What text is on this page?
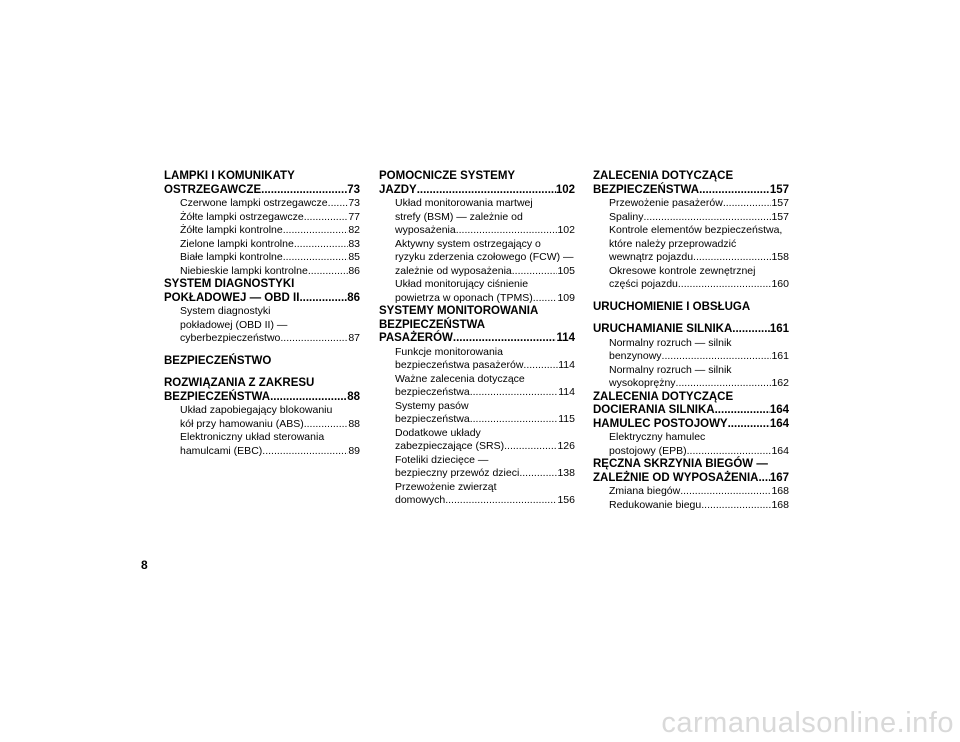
LAMPKI I KOMUNIKATY
OSTRZEGAWCZE .....	73
Czerwone lampki ostrzegawcze ..... 73
Żółte lampki ostrzegawcze .....	77
Żółte lampki kontrolne .....	82
Zielone lampki kontrolne .....	83
Białe lampki kontrolne .....	85
Niebieskie lampki kontrolne .....	86
SYSTEM DIAGNOSTYKI
POKŁADOWEJ — OBD II .....	86
System diagnostyki
pokładowej (OBD II) —
cyberbezpieczeństwo .....	87
BEZPIECZEŃSTWO
ROZWIĄZANIA Z ZAKRESU
BEZPIECZEŃSTWA .....	88
Układ zapobiegający blokowaniu
kół przy hamowaniu (ABS) .....	88
Elektroniczny układ sterowania
hamulcami (EBC) .....	89
POMOCNICZE SYSTEMY
JAZDY .....	102
Układ monitorowania martwej
strefy (BSM) — zależnie od
wyposażenia .....	102
Aktywny system ostrzegający o
ryzyku zderzenia czołowego (FCW) —
zależnie od wyposażenia .....	105
Układ monitorujący ciśnienie
powietrza w oponach (TPMS) ..... 109
SYSTEMY MONITOROWANIA
BEZPIECZEŃSTWA
PASAŻERÓW .....	114
Funkcje monitorowania
bezpieczeństwa pasażerów .....	114
Ważne zalecenia dotyczące
bezpieczeństwa .....	114
Systemy pasów
bezpieczeństwa .....	115
Dodatkowe układy
zabezpieczające (SRS) .....	126
Foteliki dziecięce —
bezpieczny przewóz dzieci .....	138
Przewożenie zwierząt
domowych .....	156
ZALECENIA DOTYCZĄCE
BEZPIECZEŃSTWA .....	157
Przewożenie pasażerów .....	157
Spaliny .....	157
Kontrole elementów bezpieczeństwa,
które należy przeprowadzić
wewnątrz pojazdu .....	158
Okresowe kontrole zewnętrznej
części pojazdu .....	160
URUCHOMIENIE I OBSŁUGA
URUCHAMIANIE SILNIKA .....	161
Normalny rozruch — silnik
benzynowy .....	161
Normalny rozruch — silnik
wysokoprężny .....	162
ZALECENIA DOTYCZĄCE
DOCIERANIA SILNIKA .....	164
HAMULEC POSTOJOWY .....	164
Elektryczny hamulec
postojowy (EPB) .....	164
RĘCZNA SKRZYNIA BIEGÓW —
ZALEŻNIE OD WYPOSAŻENIA ..... 167
Zmiana biegów .....	168
Redukowanie biegu .....	168
8
carmanualsonline.info
